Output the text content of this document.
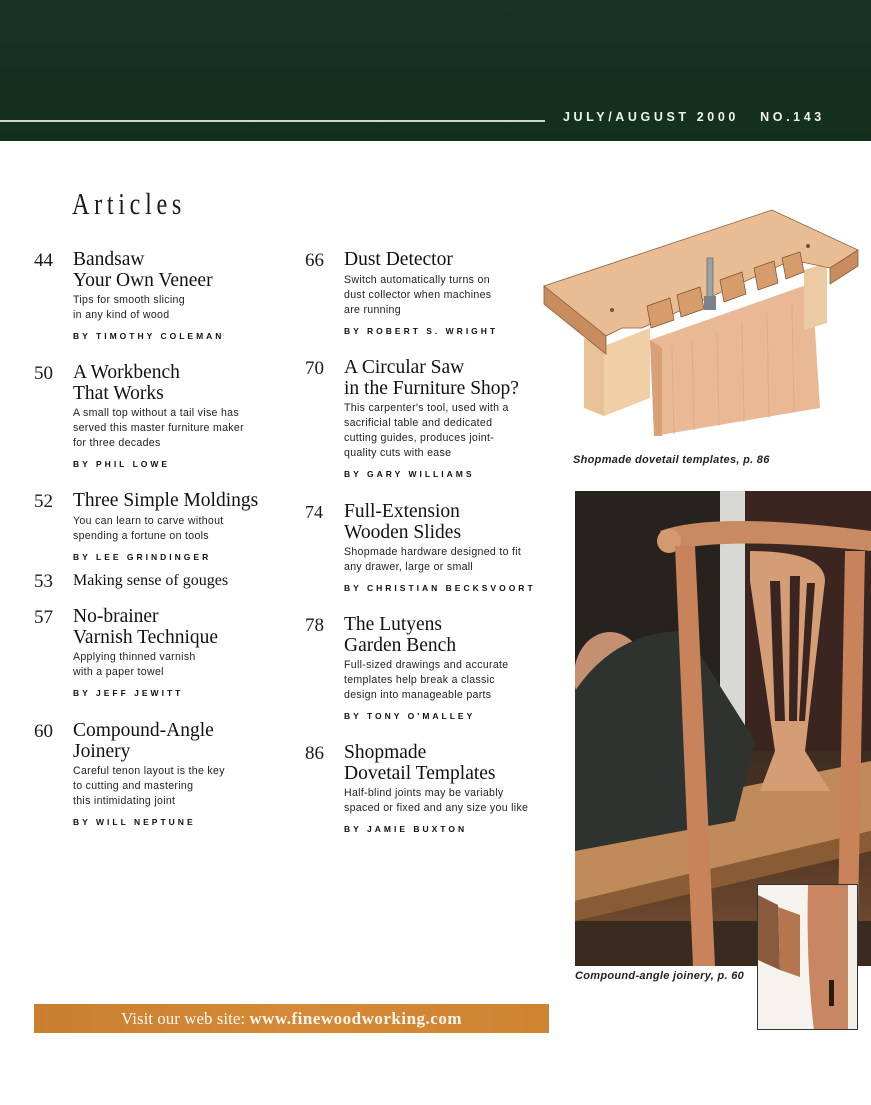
JULY/AUGUST 2000 NO.143
Articles
44 Bandsaw
Your Own Veneer
Tips for smooth slicing
in any kind of wood
BY TIMOTHY COLEMAN
50 A Workbench
That Works
A small top without a tail vise has
served this master furniture maker
for three decades
BY PHIL LOWE
52 Three Simple Moldings
You can learn to carve without
spending a fortune on tools
BY LEE GRINDINGER
53 Making sense of gouges
57 No-brainer
Varnish Technique
Applying thinned varnish
with a paper towel
BY JEFF JEWITT
60 Compound-Angle
Joinery
Careful tenon layout is the key
to cutting and mastering
this intimidating joint
BY WILL NEPTUNE
66 Dust Detector
Switch automatically turns on
dust collector when machines
are running
BY ROBERT S. WRIGHT
70 A Circular Saw
in the Furniture Shop?
This carpenter's tool, used with a
sacrificial table and dedicated
cutting guides, produces joint-
quality cuts with ease
BY GARY WILLIAMS
74 Full-Extension
Wooden Slides
Shopmade hardware designed to fit
any drawer, large or small
BY CHRISTIAN BECKSVOORT
78 The Lutyens
Garden Bench
Full-sized drawings and accurate
templates help break a classic
design into manageable parts
BY TONY O'MALLEY
86 Shopmade
Dovetail Templates
Half-blind joints may be variably
spaced or fixed and any size you like
BY JAMIE BUXTON
Shopmade dovetail templates, p. 86
Compound-angle joinery, p. 60
Visit our web site: www.finewoodworking.com
